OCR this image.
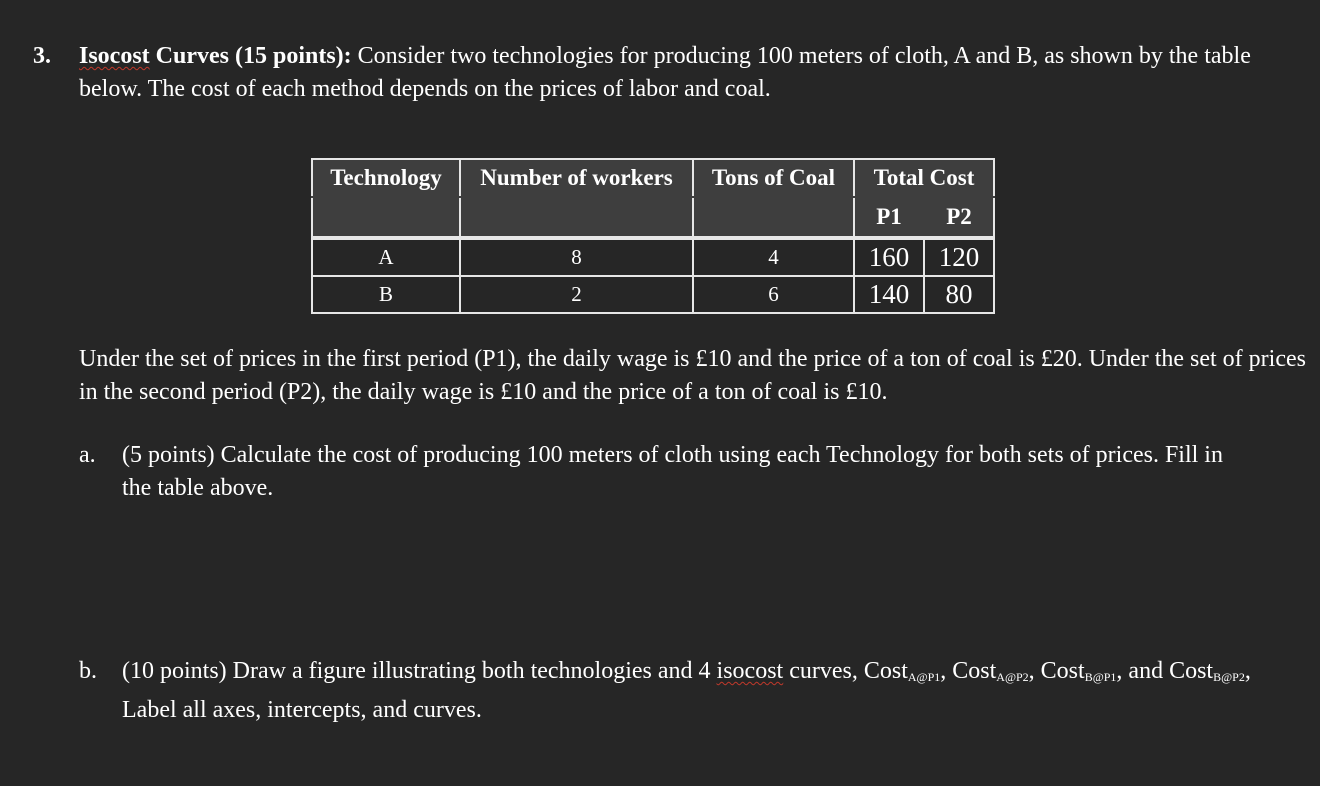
3.	Isocost Curves (15 points): Consider two technologies for producing 100 meters of cloth, A and B, as shown by the table below. The cost of each method depends on the prices of labor and coal.

Technology	Number of workers	Tons of Coal	Total Cost	
			P1	P2
A	8	4	160	120
B	2	6	140	80

Under the set of prices in the first period (P1), the daily wage is £10 and the price of a ton of coal is £20. Under the set of prices in the second period (P2), the daily wage is £10 and the price of a ton of coal is £10.

a. (5 points) Calculate the cost of producing 100 meters of cloth using each Technology for both sets of prices. Fill in the table above.

b. (10 points) Draw a figure illustrating both technologies and 4 isocost curves, Cost$_{A@P1}$, Cost$_{A@P2}$, Cost$_{B@P1}$, and Cost$_{B@P2}$, Label all axes, intercepts, and curves.
